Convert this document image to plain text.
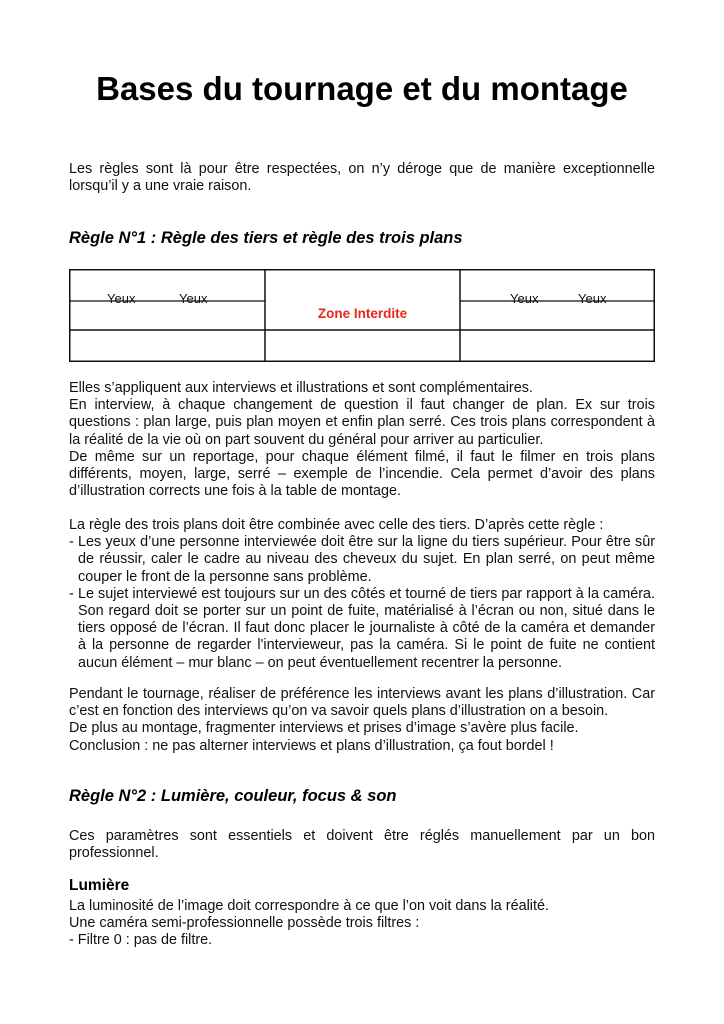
Bases du tournage et du montage

Les règles sont là pour être respectées, on n’y déroge que de manière exceptionnelle lorsqu’il y a une vraie raison.

Règle N°1 : Règle des tiers et règle des trois plans

Yeux	Yeux	Yeux	Yeux
Zone Interdite

Elles s’appliquent aux interviews et illustrations et sont complémentaires.

En interview, à chaque changement de question il faut changer de plan. Ex sur trois questions : plan large, puis plan moyen et enfin plan serré. Ces trois plans correspondent à la réalité de la vie où on part souvent du général pour arriver au particulier.

De même sur un reportage, pour chaque élément filmé, il faut le filmer en trois plans différents, moyen, large, serré – exemple de l’incendie. Cela permet d’avoir des plans d’illustration corrects une fois à la table de montage.

La règle des trois plans doit être combinée avec celle des tiers. D’après cette règle :

- Les yeux d’une personne interviewée doit être sur la ligne du tiers supérieur. Pour être sûr de réussir, caler le cadre au niveau des cheveux du sujet. En plan serré, on peut même couper le front de la personne sans problème.
- Le sujet interviewé est toujours sur un des côtés et tourné de tiers par rapport à la caméra. Son regard doit se porter sur un point de fuite, matérialisé à l’écran ou non, situé dans le tiers opposé de l’écran. Il faut donc placer le journaliste à côté de la caméra et demander à la personne de regarder l'intervieweur, pas la caméra. Si le point de fuite ne contient aucun élément – mur blanc – on peut éventuellement recentrer la personne.

Pendant le tournage, réaliser de préférence les interviews avant les plans d’illustration. Car c’est en fonction des interviews qu’on va savoir quels plans d’illustration on a besoin.

De plus au montage, fragmenter interviews et prises d’image s’avère plus facile.

Conclusion : ne pas alterner interviews et plans d’illustration, ça fout bordel !

Règle N°2 : Lumière, couleur, focus & son

Ces paramètres sont essentiels et doivent être réglés manuellement par un bon professionnel.

Lumière

La luminosité de l’image doit correspondre à ce que l’on voit dans la réalité.

Une caméra semi-professionnelle possède trois filtres :

- Filtre 0 : pas de filtre.
